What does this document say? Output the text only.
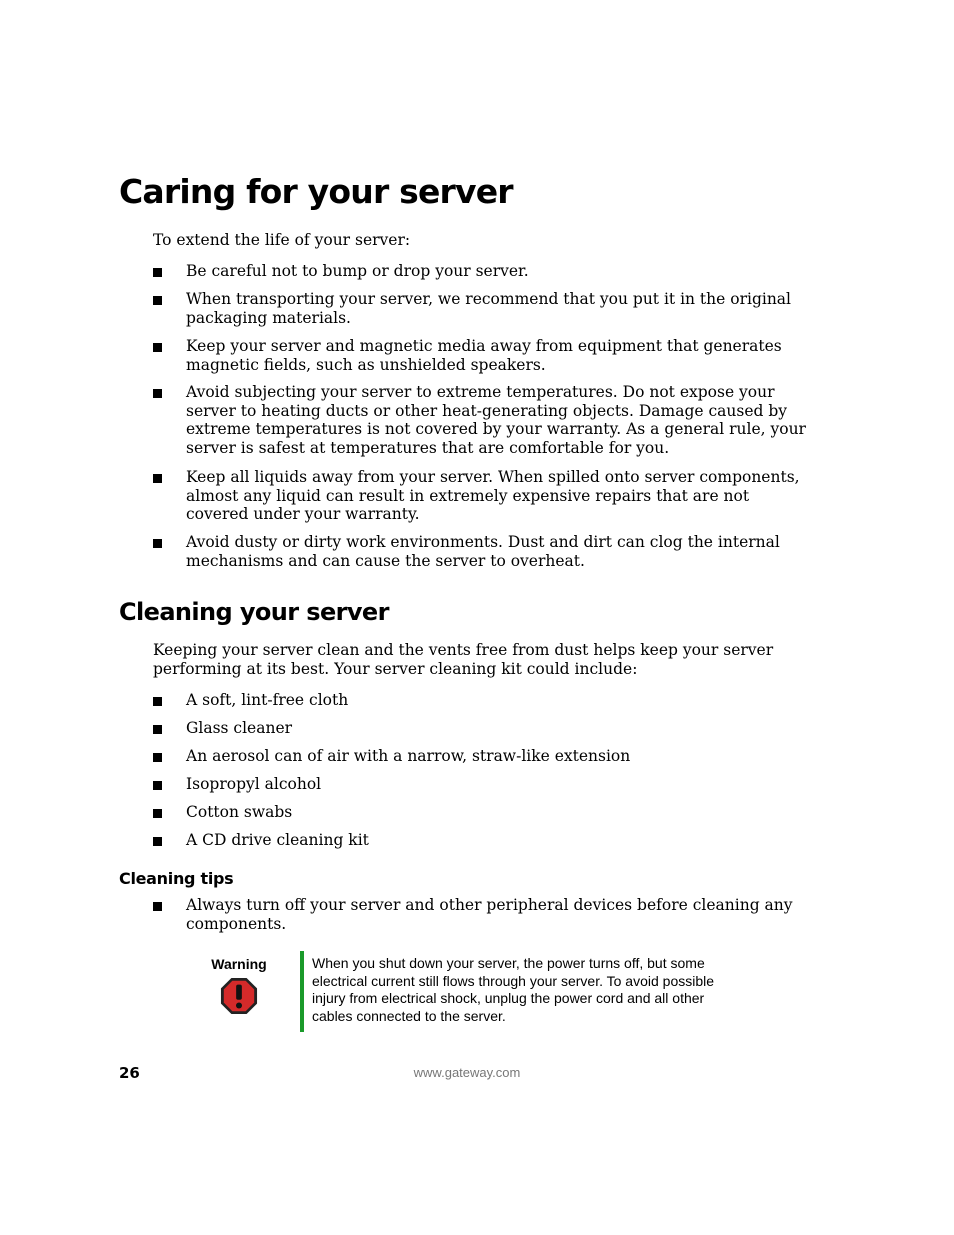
Caring for your server

To extend the life of your server:

Be careful not to bump or drop your server.
When transporting your server, we recommend that you put it in the original packaging materials.
Keep your server and magnetic media away from equipment that generates magnetic fields, such as unshielded speakers.
Avoid subjecting your server to extreme temperatures. Do not expose your server to heating ducts or other heat-generating objects. Damage caused by extreme temperatures is not covered by your warranty. As a general rule, your server is safest at temperatures that are comfortable for you.
Keep all liquids away from your server. When spilled onto server components, almost any liquid can result in extremely expensive repairs that are not covered under your warranty.
Avoid dusty or dirty work environments. Dust and dirt can clog the internal mechanisms and can cause the server to overheat.
Cleaning your server

Keeping your server clean and the vents free from dust helps keep your server performing at its best. Your server cleaning kit could include:

A soft, lint-free cloth
Glass cleaner
An aerosol can of air with a narrow, straw-like extension
Isopropyl alcohol
Cotton swabs
A CD drive cleaning kit
Cleaning tips
Always turn off your server and other peripheral devices before cleaning any components.
Warning	When you shut down your server, the power turns off, but some electrical current still flows through your server. To avoid possible injury from electrical shock, unplug the power cord and all other cables connected to the server.
26	www.gateway.com
